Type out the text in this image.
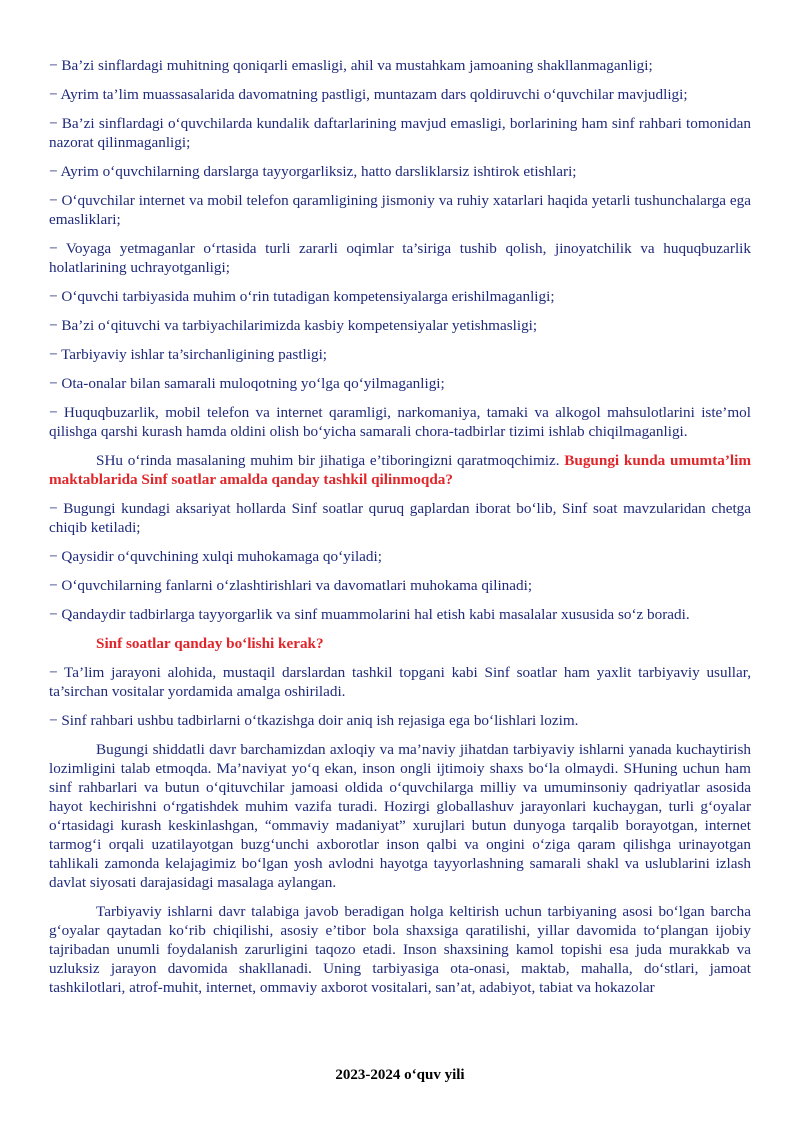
− Ba’zi sinflardagi muhitning qoniqarli emasligi, ahil va mustahkam jamoaning shakllanmaganligi;

− Ayrim ta’lim muassasalarida davomatning pastligi, muntazam dars qoldiruvchi oʻquvchilar mavjudligi;

− Ba’zi sinflardagi oʻquvchilarda kundalik daftarlarining mavjud emasligi, borlarining ham sinf rahbari tomonidan nazorat qilinmaganligi;

− Ayrim oʻquvchilarning darslarga tayyorgarliksiz, hatto darsliklarsiz ishtirok etishlari;

− Oʻquvchilar internet va mobil telefon qaramligining jismoniy va ruhiy xatarlari haqida yetarli tushunchalarga ega emasliklari;

− Voyaga yetmaganlar oʻrtasida turli zararli oqimlar ta’siriga tushib qolish, jinoyatchilik va huquqbuzarlik holatlarining uchrayotganligi;

− Oʻquvchi tarbiyasida muhim oʻrin tutadigan kompetensiyalarga erishilmaganligi;

− Ba’zi oʻqituvchi va tarbiyachilarimizda kasbiy kompetensiyalar yetishmasligi;

− Tarbiyaviy ishlar ta’sirchanligining pastligi;

− Ota-onalar bilan samarali muloqotning yoʻlga qoʻyilmaganligi;

− Huquqbuzarlik, mobil telefon va internet qaramligi, narkomaniya, tamaki va alkogol mahsulotlarini iste’mol qilishga qarshi kurash hamda oldini olish boʻyicha samarali chora-tadbirlar tizimi ishlab chiqilmaganligi.

SHu oʻrinda masalaning muhim bir jihatiga e’tiboringizni qaratmoqchimiz. Bugungi kunda umumta’lim maktablarida Sinf soatlar amalda qanday tashkil qilinmoqda?

− Bugungi kundagi aksariyat hollarda Sinf soatlar quruq gaplardan iborat boʻlib, Sinf soat mavzularidan chetga chiqib ketiladi;

− Qaysidir oʻquvchining xulqi muhokamaga qoʻyiladi;

− Oʻquvchilarning fanlarni oʻzlashtirishlari va davomatlari muhokama qilinadi;

− Qandaydir tadbirlarga tayyorgarlik va sinf muammolarini hal etish kabi masalalar xususida soʻz boradi.

Sinf soatlar qanday boʻlishi kerak?

− Ta’lim jarayoni alohida, mustaqil darslardan tashkil topgani kabi Sinf soatlar ham yaxlit tarbiyaviy usullar, ta’sirchan vositalar yordamida amalga oshiriladi.

− Sinf rahbari ushbu tadbirlarni oʻtkazishga doir aniq ish rejasiga ega boʻlishlari lozim.

Bugungi shiddatli davr barchamizdan axloqiy va ma’naviy jihatdan tarbiyaviy ishlarni yanada kuchaytirish lozimligini talab etmoqda. Ma’naviyat yoʻq ekan, inson ongli ijtimoiy shaxs boʻla olmaydi. SHuning uchun ham sinf rahbarlari va butun oʻqituvchilar jamoasi oldida oʻquvchilarga milliy va umuminsoniy qadriyatlar asosida hayot kechirishni oʻrgatishdek muhim vazifa turadi. Hozirgi globallashuv jarayonlari kuchaygan, turli gʻoyalar oʻrtasidagi kurash keskinlashgan, “ommaviy madaniyat” xurujlari butun dunyoga tarqalib borayotgan, internet tarmogʻi orqali uzatilayotgan buzgʻunchi axborotlar inson qalbi va ongini oʻziga qaram qilishga urinayotgan tahlikali zamonda kelajagimiz boʻlgan yosh avlodni hayotga tayyorlashning samarali shakl va uslublarini izlash davlat siyosati darajasidagi masalaga aylangan.

Tarbiyaviy ishlarni davr talabiga javob beradigan holga keltirish uchun tarbiyaning asosi boʻlgan barcha gʻoyalar qaytadan koʻrib chiqilishi, asosiy e’tibor bola shaxsiga qaratilishi, yillar davomida toʻplangan ijobiy tajribadan unumli foydalanish zarurligini taqozo etadi. Inson shaxsining kamol topishi esa juda murakkab va uzluksiz jarayon davomida shakllanadi. Uning tarbiyasiga ota-onasi, maktab, mahalla, doʻstlari, jamoat tashkilotlari, atrof-muhit, internet, ommaviy axborot vositalari, san’at, adabiyot, tabiat va hokazolar

2023-2024 oʻquv yili
